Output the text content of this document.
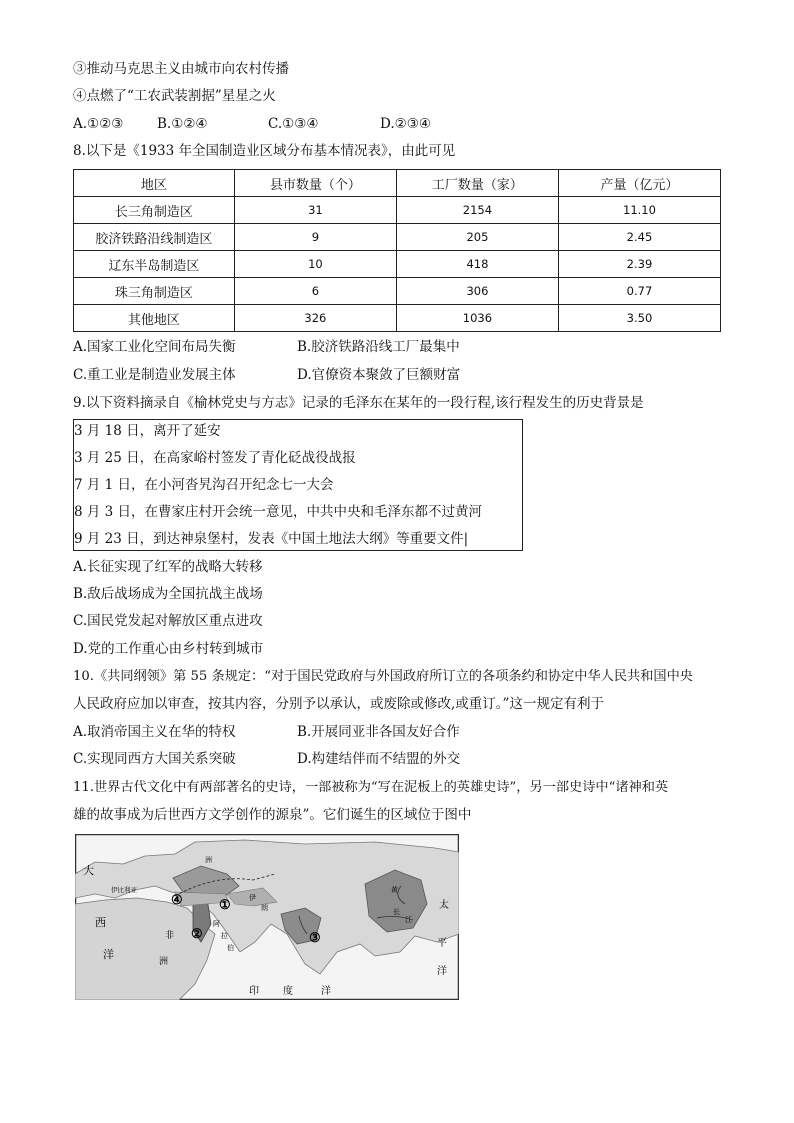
③推动马克思主义由城市向农村传播
④点燃了“工农武装割据”星星之火
A.①②③ B.①②④	C.①③④	D.②③④
8.以下是《1933 年全国制造业区域分布基本情况表》，由此可见
地区	县市数量（个）	工厂数量（家）	产量（亿元）
长三角制造区	31	2154	11.10
胶济铁路沿线制造区	9	205	2.45
辽东半岛制造区	10	418	2.39
珠三角制造区	6	306	0.77
其他地区	326	1036	3.50
A.国家工业化空间布局失衡	B.胶济铁路沿线工厂最集中
C.重工业是制造业发展主体	D.官僚资本聚敛了巨额财富
9.以下资料摘录自《榆林党史与方志》记录的毛泽东在某年的一段行程,该行程发生的历史背景是
3 月 18 日，离开了延安
3 月 25 日，在高家峪村签发了青化砭战役战报
7 月 1 日，在小河沓旯沟召开纪念七一大会
8 月 3 日，在曹家庄村开会统一意见，中共中央和毛泽东都不过黄河
9 月 23 日，到达神泉堡村，发表《中国土地法大纲》等重要文件|
A.长征实现了红军的战略大转移
B.敌后战场成为全国抗战主战场
C.国民党发起对解放区重点进攻
D.党的工作重心由乡村转到城市
10.《共同纲领》第 55 条规定：“对于国民党政府与外国政府所订立的各项条约和协定中华人民共和国中央
人民政府应加以审查，按其内容，分别予以承认，或废除或修改,或重订。”这一规定有利于
A.取消帝国主义在华的特权	B.开展同亚非各国友好合作
C.实现同西方大国关系突破	D.构建结伴而不结盟的外交
11.世界古代文化中有两部著名的史诗，一部被称为“写在泥板上的英雄史诗”，另一部史诗中“诸神和英
雄的故事成为后世西方文学创作的源泉”。它们诞生的区域位于图中
大
西
洋
洲
伊比利亚
非
洲
阿
拉
伯
伊
朗
黄
长
江
太
平
洋
印 度	洋
①
②	③
④
